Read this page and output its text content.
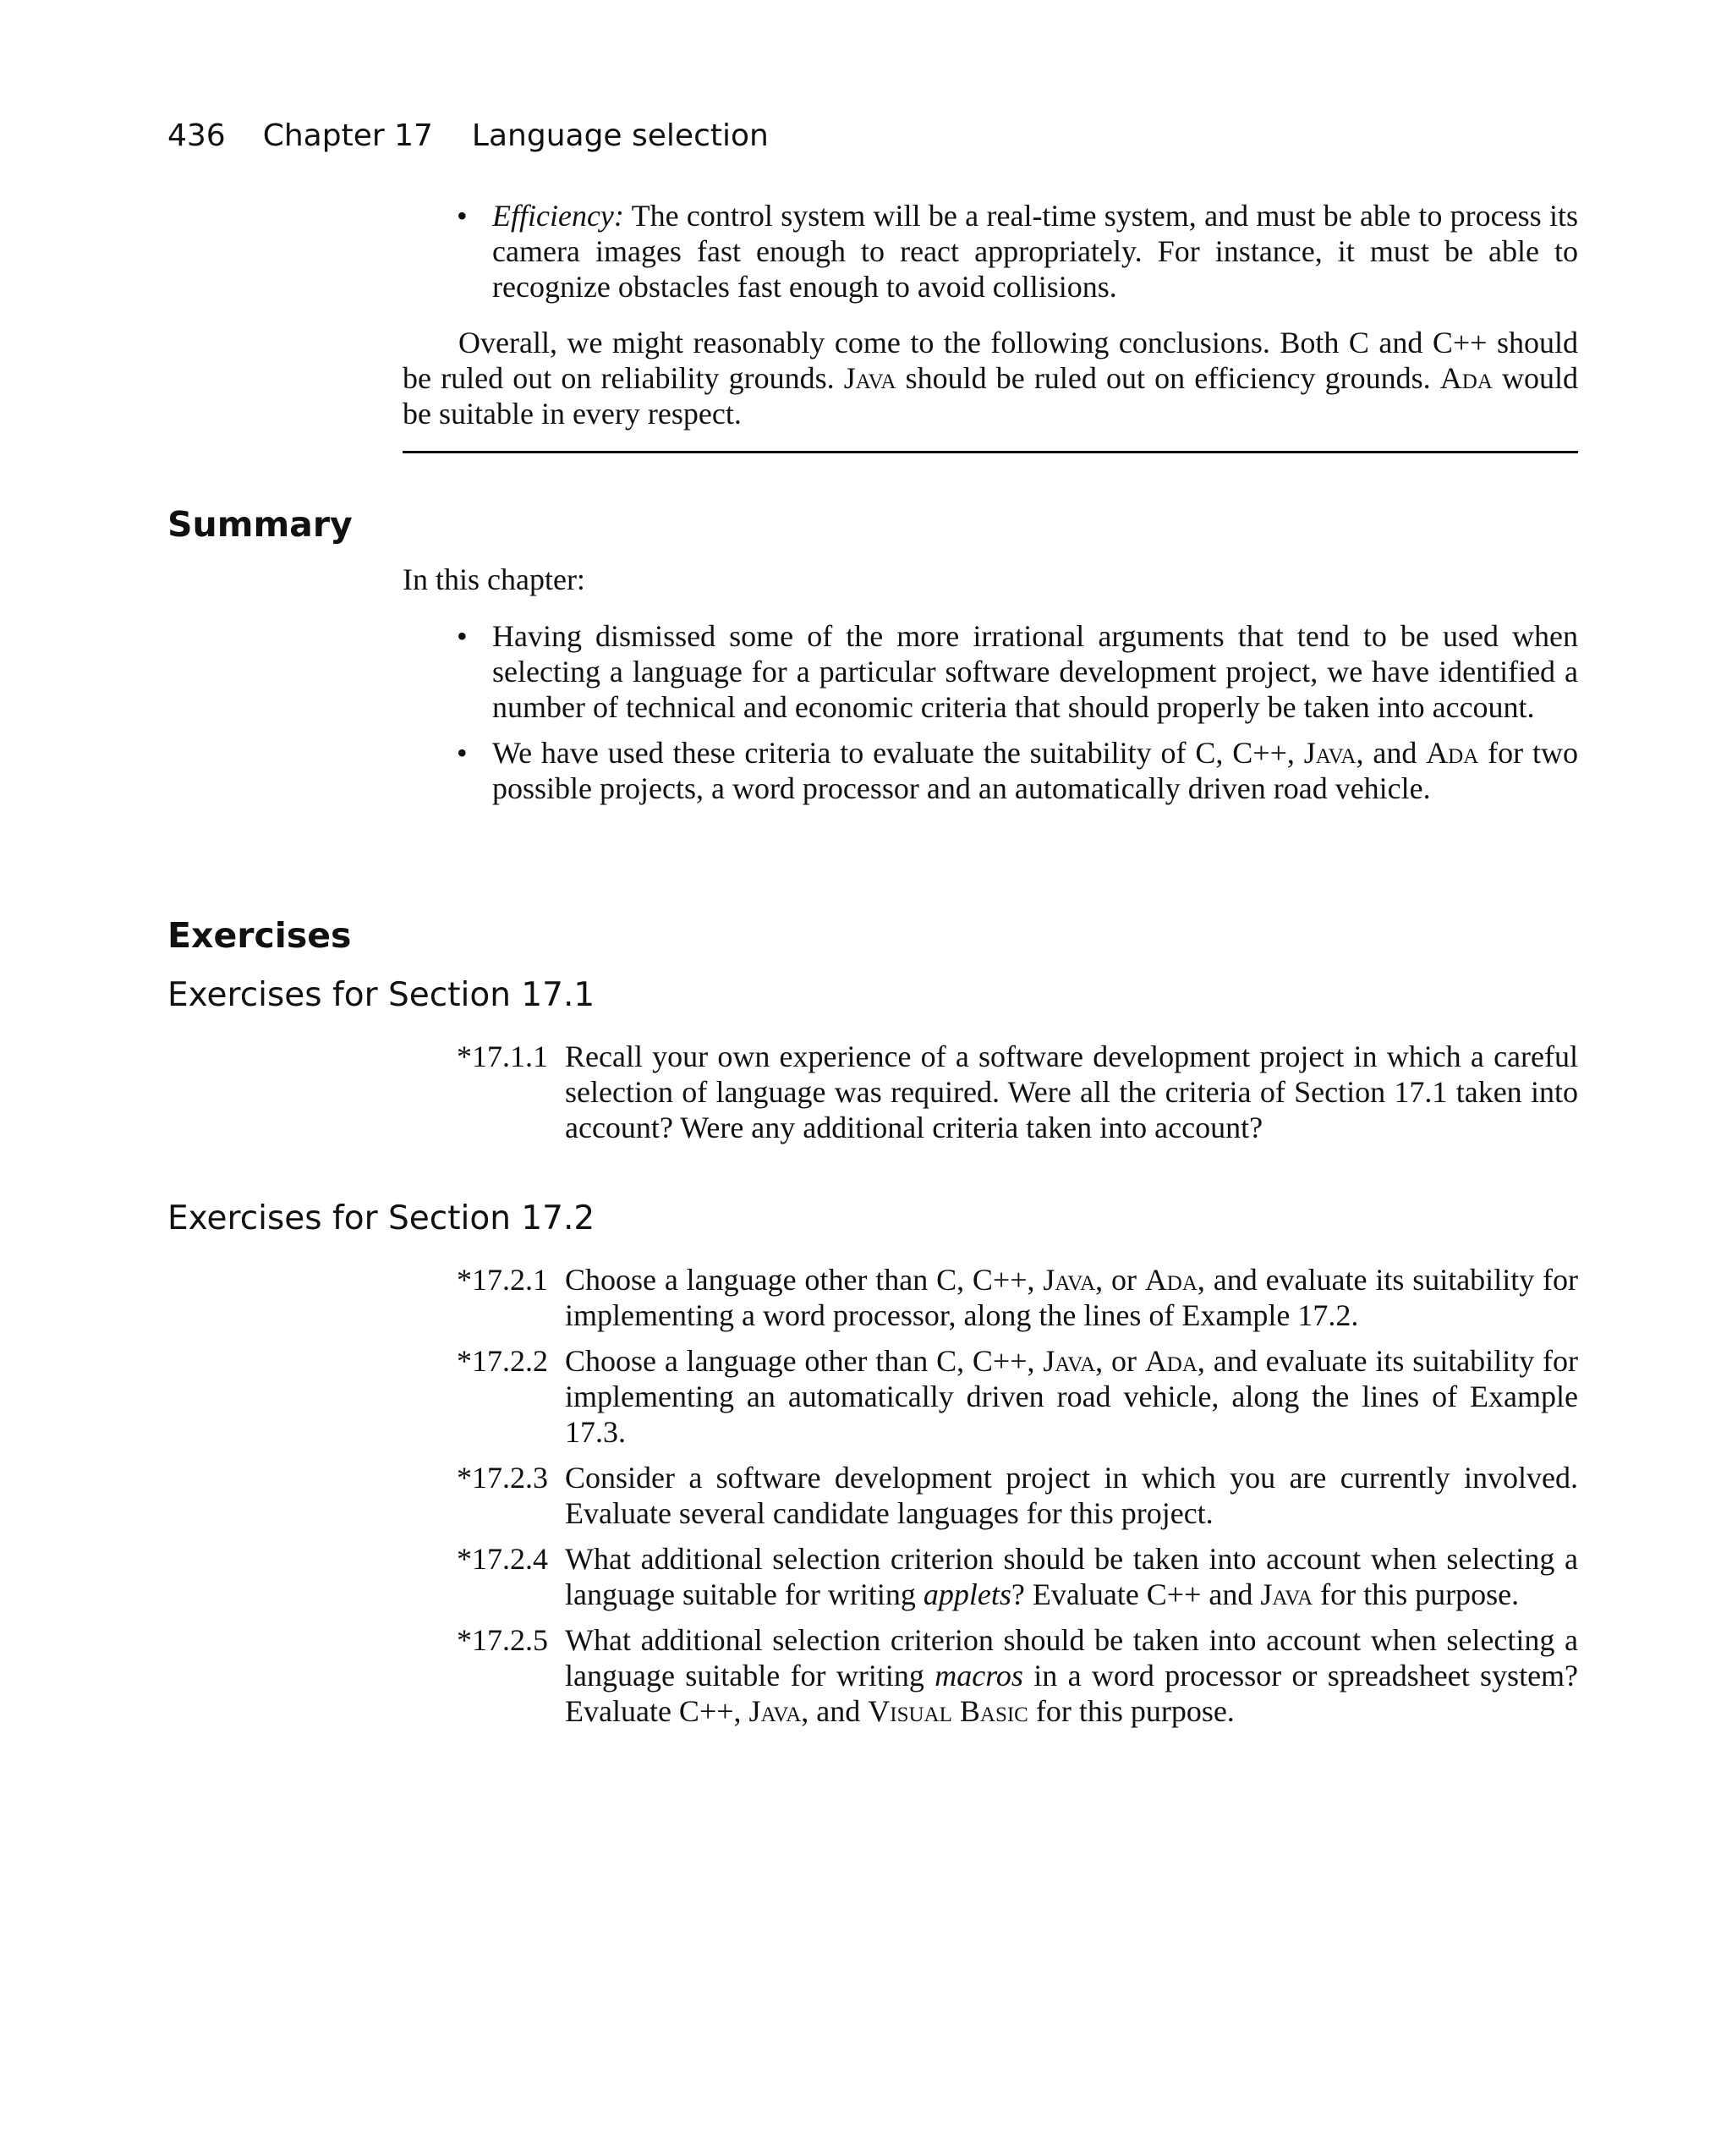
436 Chapter 17 Language selection
• Efficiency: The control system will be a real-time system, and must be able to process its camera images fast enough to react appropriately. For instance, it must be able to recognize obstacles fast enough to avoid collisions.
Overall, we might reasonably come to the following conclusions. Both C and C++ should be ruled out on reliability grounds. Java should be ruled out on efficiency grounds. Ada would be suitable in every respect.
Summary
In this chapter:
• Having dismissed some of the more irrational arguments that tend to be used when selecting a language for a particular software development project, we have identified a number of technical and economic criteria that should properly be taken into account.
• We have used these criteria to evaluate the suitability of C, C++, Java, and Ada for two possible projects, a word processor and an automatically driven road vehicle.
Exercises
Exercises for Section 17.1
*17.1.1 Recall your own experience of a software development project in which a careful selection of language was required. Were all the criteria of Section 17.1 taken into account? Were any additional criteria taken into account?
Exercises for Section 17.2
*17.2.1 Choose a language other than C, C++, Java, or Ada, and evaluate its suitability for implementing a word processor, along the lines of Example 17.2.
*17.2.2 Choose a language other than C, C++, Java, or Ada, and evaluate its suitability for implementing an automatically driven road vehicle, along the lines of Example 17.3.
*17.2.3 Consider a software development project in which you are currently involved. Evaluate several candidate languages for this project.
*17.2.4 What additional selection criterion should be taken into account when selecting a language suitable for writing applets? Evaluate C++ and Java for this purpose.
*17.2.5 What additional selection criterion should be taken into account when selecting a language suitable for writing macros in a word processor or spreadsheet system? Evaluate C++, Java, and Visual Basic for this purpose.
